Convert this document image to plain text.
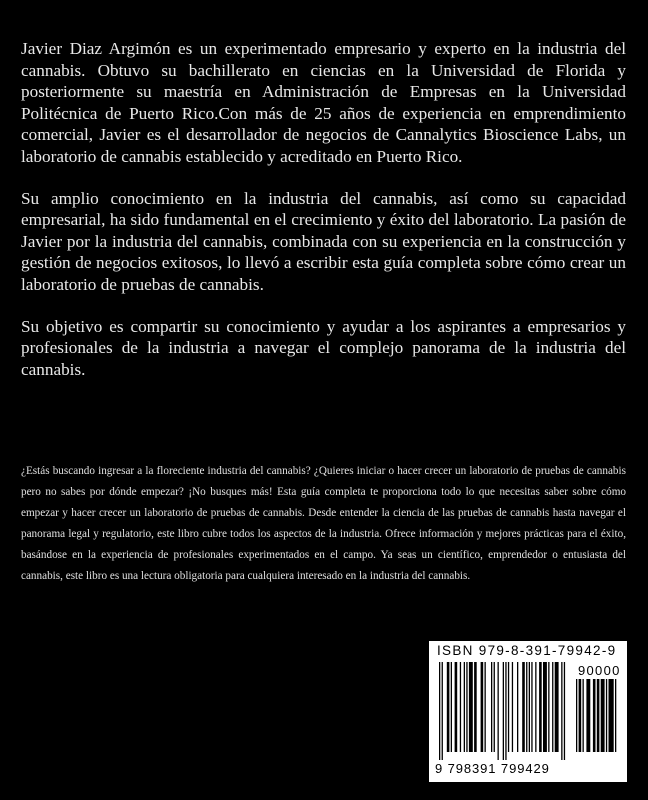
Javier Diaz Argimón es un experimentado empresario y experto en la industria del cannabis. Obtuvo su bachillerato en ciencias en la Universidad de Florida y posteriormente su maestría en Administración de Empresas en la Universidad Politécnica de Puerto Rico.Con más de 25 años de experiencia en emprendimiento comercial, Javier es el desarrollador de negocios de Cannalytics Bioscience Labs, un laboratorio de cannabis establecido y acreditado en Puerto Rico.

Su amplio conocimiento en la industria del cannabis, así como su capacidad empresarial, ha sido fundamental en el crecimiento y éxito del laboratorio. La pasión de Javier por la industria del cannabis, combinada con su experiencia en la construcción y gestión de negocios exitosos, lo llevó a escribir esta guía completa sobre cómo crear un laboratorio de pruebas de cannabis.

Su objetivo es compartir su conocimiento y ayudar a los aspirantes a empresarios y profesionales de la industria a navegar el complejo panorama de la industria del cannabis.

¿Estás buscando ingresar a la floreciente industria del cannabis? ¿Quieres iniciar o hacer crecer un laboratorio de pruebas de cannabis pero no sabes por dónde empezar? ¡No busques más! Esta guía completa te proporciona todo lo que necesitas saber sobre cómo empezar y hacer crecer un laboratorio de pruebas de cannabis. Desde entender la ciencia de las pruebas de cannabis hasta navegar el panorama legal y regulatorio, este libro cubre todos los aspectos de la industria. Ofrece información y mejores prácticas para el éxito, basándose en la experiencia de profesionales experimentados en el campo. Ya seas un científico, emprendedor o entusiasta del cannabis, este libro es una lectura obligatoria para cualquiera interesado en la industria del cannabis.
ISBN 979-8-391-79942-9
90000
9 798391 799429
